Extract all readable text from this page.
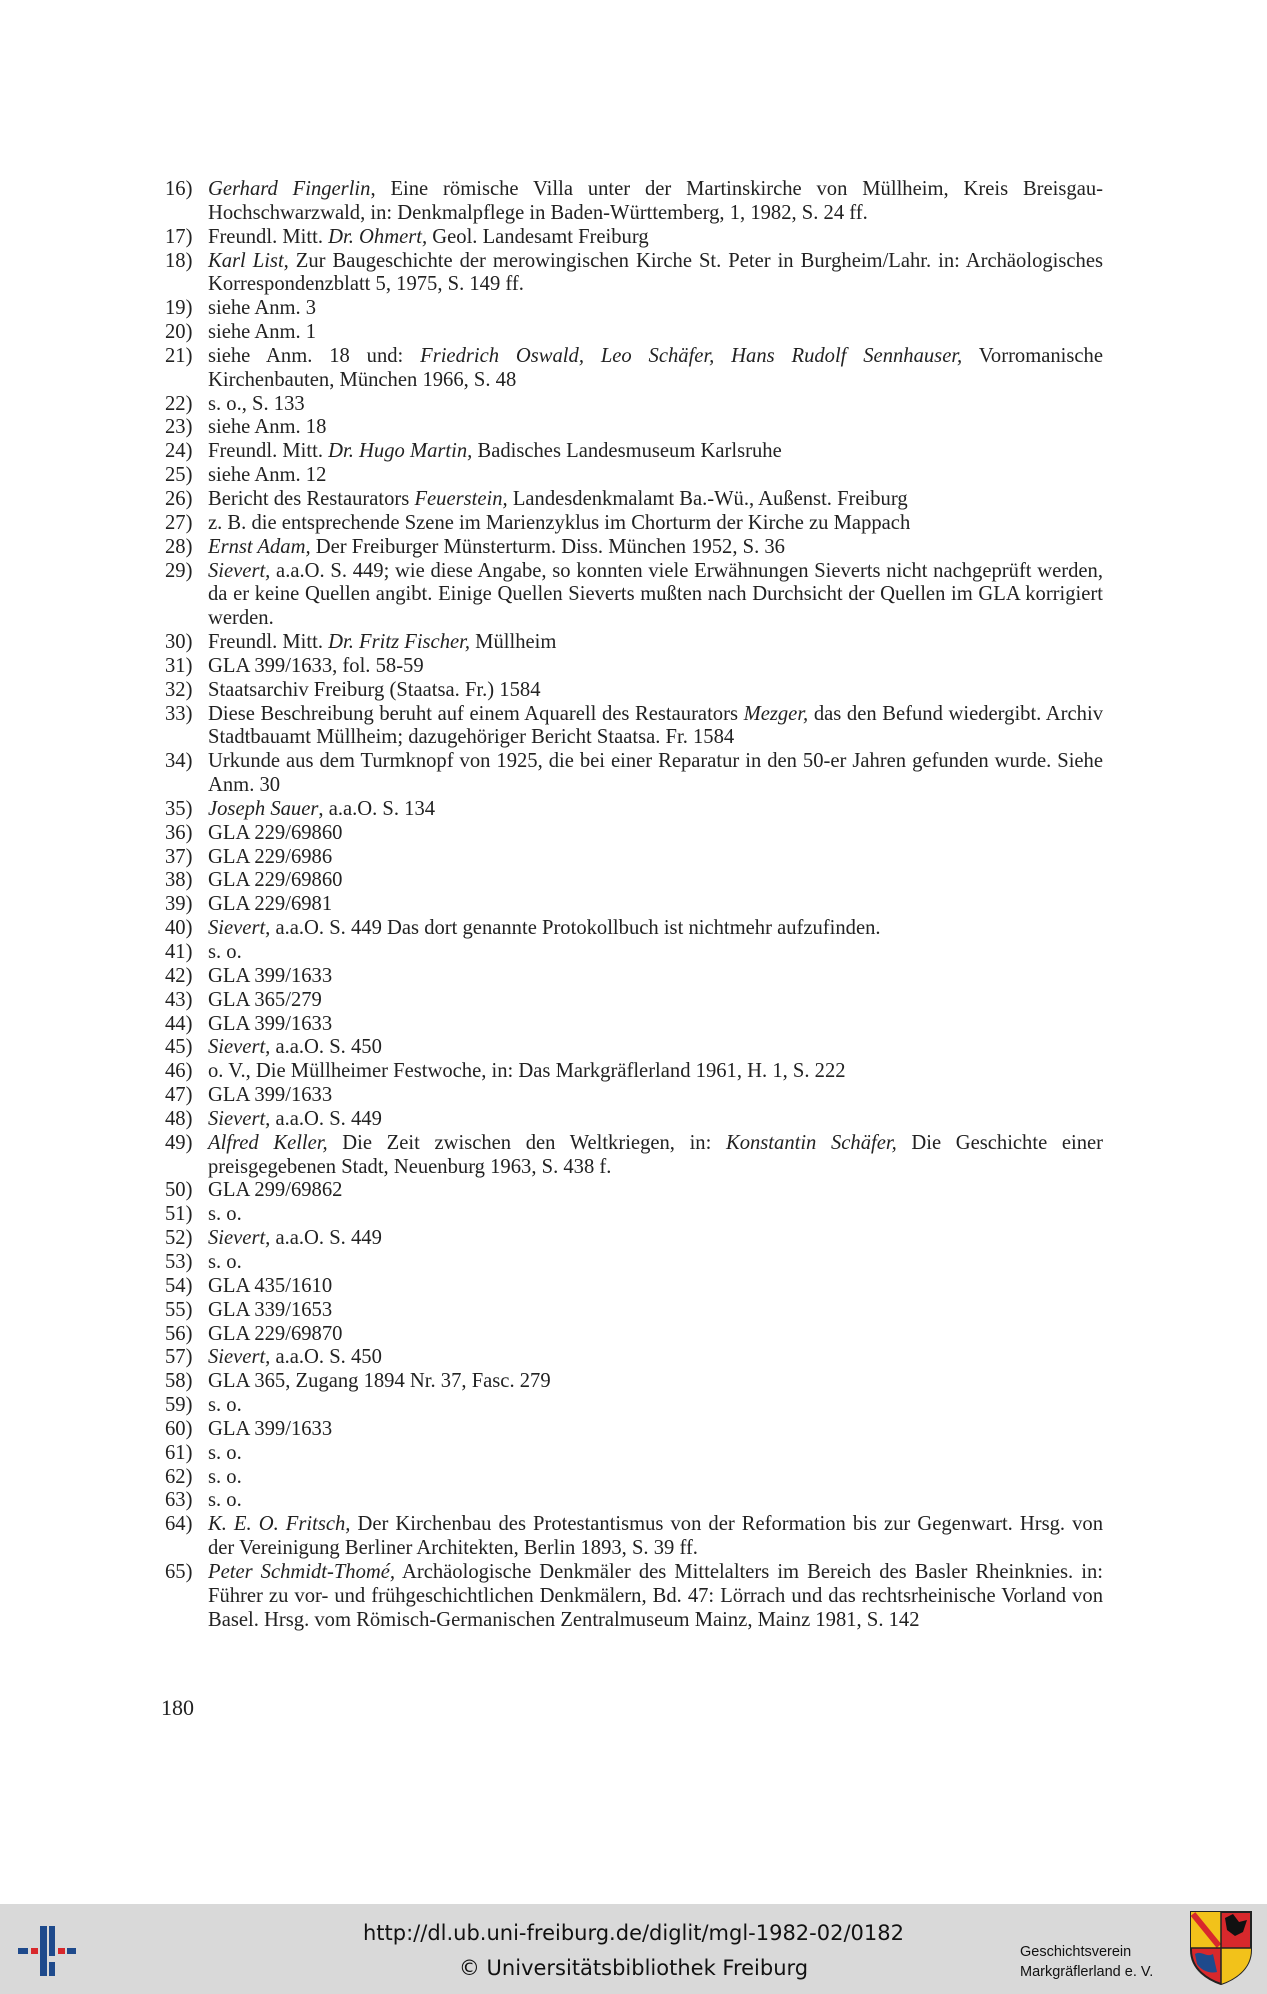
16) Gerhard Fingerlin, Eine römische Villa unter der Martinskirche von Müllheim, Kreis Breisgau-Hochschwarzwald, in: Denkmalpflege in Baden-Württemberg, 1, 1982, S. 24 ff.
17) Freundl. Mitt. Dr. Ohmert, Geol. Landesamt Freiburg
18) Karl List, Zur Baugeschichte der merowingischen Kirche St. Peter in Burgheim/Lahr. in: Archäologisches Korrespondenzblatt 5, 1975, S. 149 ff.
19) siehe Anm. 3
20) siehe Anm. 1
21) siehe Anm. 18 und: Friedrich Oswald, Leo Schäfer, Hans Rudolf Sennhauser, Vorromanische Kirchenbauten, München 1966, S. 48
22) s. o., S. 133
23) siehe Anm. 18
24) Freundl. Mitt. Dr. Hugo Martin, Badisches Landesmuseum Karlsruhe
25) siehe Anm. 12
26) Bericht des Restaurators Feuerstein, Landesdenkmalamt Ba.-Wü., Außenst. Freiburg
27) z. B. die entsprechende Szene im Marienzyklus im Chorturm der Kirche zu Mappach
28) Ernst Adam, Der Freiburger Münsterturm. Diss. München 1952, S. 36
29) Sievert, a.a.O. S. 449; wie diese Angabe, so konnten viele Erwähnungen Sieverts nicht nachgeprüft werden, da er keine Quellen angibt. Einige Quellen Sieverts mußten nach Durchsicht der Quellen im GLA korrigiert werden.
30) Freundl. Mitt. Dr. Fritz Fischer, Müllheim
31) GLA 399/1633, fol. 58-59
32) Staatsarchiv Freiburg (Staatsa. Fr.) 1584
33) Diese Beschreibung beruht auf einem Aquarell des Restaurators Mezger, das den Befund wiedergibt. Archiv Stadtbauamt Müllheim; dazugehöriger Bericht Staatsa. Fr. 1584
34) Urkunde aus dem Turmknopf von 1925, die bei einer Reparatur in den 50-er Jahren gefunden wurde. Siehe Anm. 30
35) Joseph Sauer, a.a.O. S. 134
36) GLA 229/69860
37) GLA 229/6986
38) GLA 229/69860
39) GLA 229/6981
40) Sievert, a.a.O. S. 449 Das dort genannte Protokollbuch ist nichtmehr aufzufinden.
41) s. o.
42) GLA 399/1633
43) GLA 365/279
44) GLA 399/1633
45) Sievert, a.a.O. S. 450
46) o. V., Die Müllheimer Festwoche, in: Das Markgräflerland 1961, H. 1, S. 222
47) GLA 399/1633
48) Sievert, a.a.O. S. 449
49) Alfred Keller, Die Zeit zwischen den Weltkriegen, in: Konstantin Schäfer, Die Geschichte einer preisgegebenen Stadt, Neuenburg 1963, S. 438 f.
50) GLA 299/69862
51) s. o.
52) Sievert, a.a.O. S. 449
53) s. o.
54) GLA 435/1610
55) GLA 339/1653
56) GLA 229/69870
57) Sievert, a.a.O. S. 450
58) GLA 365, Zugang 1894 Nr. 37, Fasc. 279
59) s. o.
60) GLA 399/1633
61) s. o.
62) s. o.
63) s. o.
64) K. E. O. Fritsch, Der Kirchenbau des Protestantismus von der Reformation bis zur Gegenwart. Hrsg. von der Vereinigung Berliner Architekten, Berlin 1893, S. 39 ff.
65) Peter Schmidt-Thomé, Archäologische Denkmäler des Mittelalters im Bereich des Basler Rheinknies. in: Führer zu vor- und frühgeschichtlichen Denkmälern, Bd. 47: Lörrach und das rechtsrheinische Vorland von Basel. Hrsg. vom Römisch-Germanischen Zentralmuseum Mainz, Mainz 1981, S. 142
180
http://dl.ub.uni-freiburg.de/diglit/mgl-1982-02/0182
© Universitätsbibliothek Freiburg
Geschichtsverein
Markgräflerland e. V.
